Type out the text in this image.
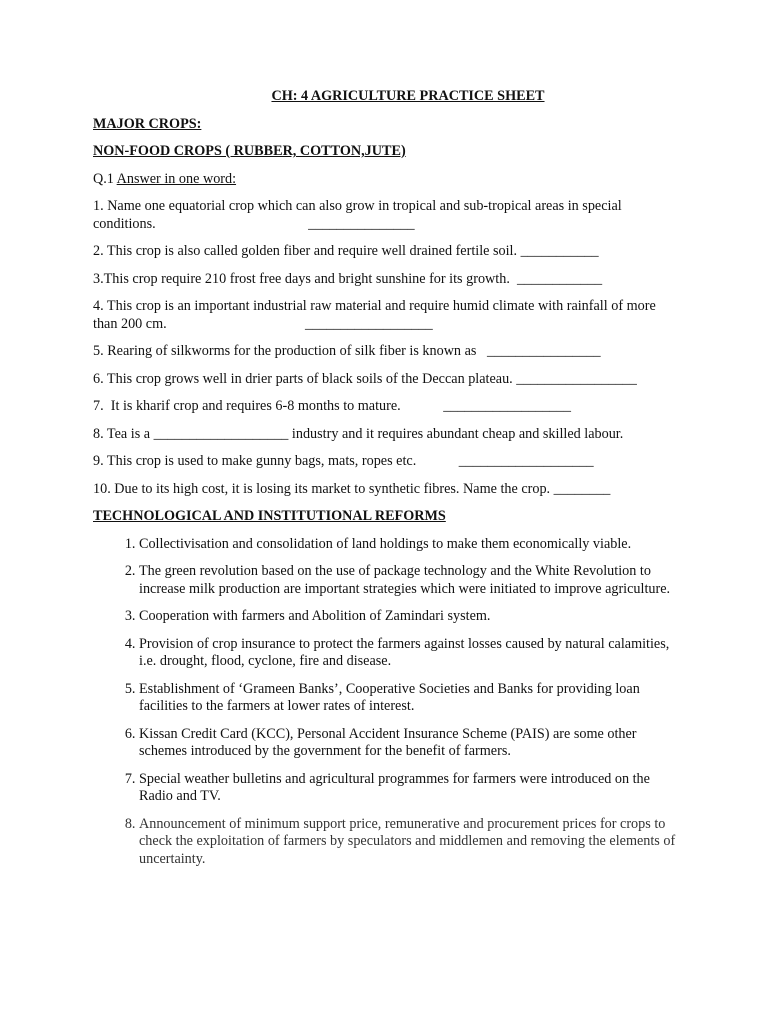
CH: 4 AGRICULTURE PRACTICE SHEET
MAJOR CROPS:
NON-FOOD CROPS ( RUBBER, COTTON,JUTE)
Q.1 Answer in one word:
1. Name one equatorial crop which can also grow in tropical and sub-tropical areas in special conditions.                                           _______________
2. This crop is also called golden fiber and require well drained fertile soil. ___________
3.This crop require 210 frost free days and bright sunshine for its growth.  ____________
4. This crop is an important industrial raw material and require humid climate with rainfall of more than 200 cm.                                       __________________
5. Rearing of silkworms for the production of silk fiber is known as   ________________
6. This crop grows well in drier parts of black soils of the Deccan plateau. _________________
7.  It is kharif crop and requires 6-8 months to mature.            __________________
8. Tea is a ___________________ industry and it requires abundant cheap and skilled labour.
9. This crop is used to make gunny bags, mats, ropes etc.            ___________________
10. Due to its high cost, it is losing its market to synthetic fibres. Name the crop. ________
TECHNOLOGICAL AND INSTITUTIONAL REFORMS
1. Collectivisation and consolidation of land holdings to make them economically viable.
2. The green revolution based on the use of package technology and the White Revolution to increase milk production are important strategies which were initiated to improve agriculture.
3. Cooperation with farmers and Abolition of Zamindari system.
4. Provision of crop insurance to protect the farmers against losses caused by natural calamities, i.e. drought, flood, cyclone, fire and disease.
5. Establishment of ‘Grameen Banks’, Cooperative Societies and Banks for providing loan facilities to the farmers at lower rates of interest.
6. Kissan Credit Card (KCC), Personal Accident Insurance Scheme (PAIS) are some other schemes introduced by the government for the benefit of farmers.
7. Special weather bulletins and agricultural programmes for farmers were introduced on the Radio and TV.
8. Announcement of minimum support price, remunerative and procurement prices for crops to check the exploitation of farmers by speculators and middlemen and removing the elements of uncertainty.
